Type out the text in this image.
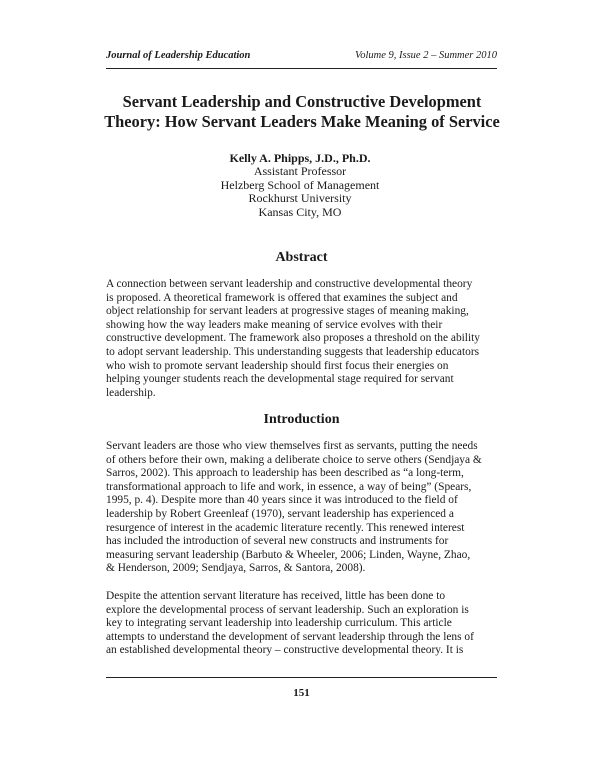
Journal of Leadership Education	Volume 9, Issue 2 – Summer 2010
Servant Leadership and Constructive Development
Theory: How Servant Leaders Make Meaning of Service
Kelly A. Phipps, J.D., Ph.D.
Assistant Professor
Helzberg School of Management
Rockhurst University
Kansas City, MO
Abstract

A connection between servant leadership and constructive developmental theory
is proposed. A theoretical framework is offered that examines the subject and
object relationship for servant leaders at progressive stages of meaning making,
showing how the way leaders make meaning of service evolves with their
constructive development. The framework also proposes a threshold on the ability
to adopt servant leadership. This understanding suggests that leadership educators
who wish to promote servant leadership should first focus their energies on
helping younger students reach the developmental stage required for servant
leadership.

Introduction

Servant leaders are those who view themselves first as servants, putting the needs
of others before their own, making a deliberate choice to serve others (Sendjaya &
Sarros, 2002). This approach to leadership has been described as “a long-term,
transformational approach to life and work, in essence, a way of being” (Spears,
1995, p. 4). Despite more than 40 years since it was introduced to the field of
leadership by Robert Greenleaf (1970), servant leadership has experienced a
resurgence of interest in the academic literature recently. This renewed interest
has included the introduction of several new constructs and instruments for
measuring servant leadership (Barbuto & Wheeler, 2006; Linden, Wayne, Zhao,
& Henderson, 2009; Sendjaya, Sarros, & Santora, 2008).

Despite the attention servant literature has received, little has been done to
explore the developmental process of servant leadership. Such an exploration is
key to integrating servant leadership into leadership curriculum. This article
attempts to understand the development of servant leadership through the lens of
an established developmental theory – constructive developmental theory. It is

151
